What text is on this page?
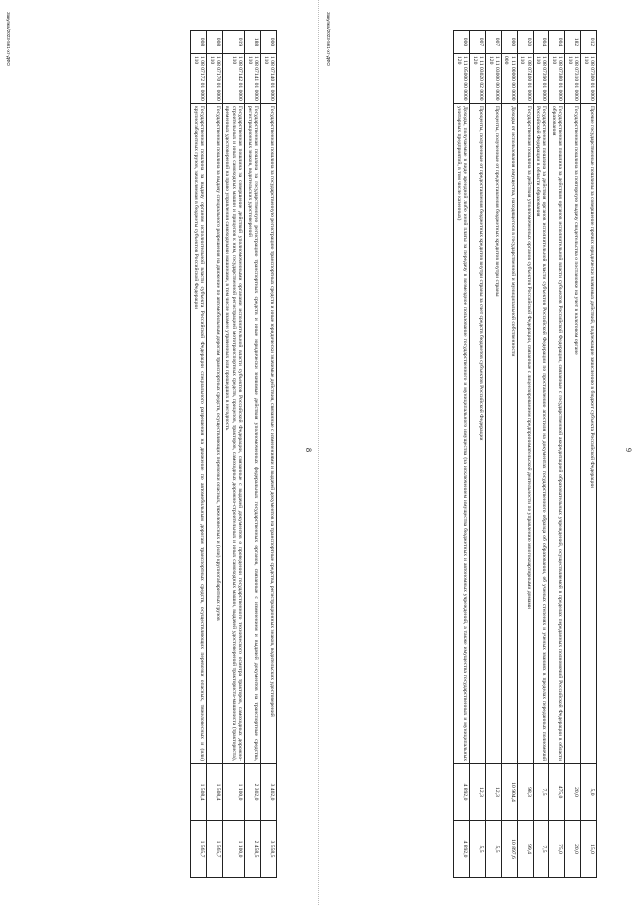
8
000	1 08 07140 01 0000 110	Государственная пошлина за государственную регистрацию транспортных средств и иные юридически значимые действия, связанные с изменениями и выдачей документов на транспортные средства, регистрационных знаков, водительских удостоверений	3 402,0	3 558,5
188	1 08 07141 01 0000 110	Государственная пошлина за государственную регистрацию транспортных средств и иные юридически значимые действия уполномоченных федеральных государственных органов, связанные с изменением и выдачей документов на транспортные средства, регистрационных знаков, водительских удостоверений	2 302,0	2 458,5
019	1 08 07142 01 0000 110	Государственная пошлина за совершение действий уполномоченными органами исполнительной власти субъектов Российской Федерации, связанные с выдачей документов о проведении государственного технического осмотра тракторов, самоходных дорожно-строительных и иных самоходных машин и прицепов к ним, государственной регистрацией мототранспортных средств, прицепов, тракторов, самоходных дорожно-строительных и иных самоходных машин, выдачей удостоверений тракториста-машиниста (тракториста), временных удостоверений на право управления самоходными машинами, в том числе взамен утраченных или пришедших в негодность	1 100,0	1 100,0
008	1 08 07170 01 0000 110	Государственная пошлина за выдачу специального разрешения на движение по автомобильным дорогам транспортных средств, осуществляющих перевозки опасных, тяжеловесных и (или) крупногабаритных грузов	1 508,4	1 565,7
008	1 08 07172 01 0000 110	Государственная пошлина за выдачу органом исполнительной власти субъекта Российской Федерации специального разрешения на движение по автомобильным дорогам транспортных средств, осуществляющих перевозки опасных, тяжеловесных и (или) крупногабаритных грузов, зачисляемая в бюджеты субъектов Российской Федерации	1 508,4	1 565,7
Закупка/2023-561-хт-ДФО
9
012	1 08 07300 01 0000 110	Прочие государственные пошлины за совершение прочих юридически значимых действий, подлежащие зачислению в бюджет субъекта Российской Федерации	5,0	15,0
182	1 08 07310 01 0000 110	Государственная пошлина за повторную выдачу свидетельства о постановке на учет в налоговом органе	20,0	20,0
004	1 08 07380 01 0000 110	Государственная пошлина за действия органов исполнительной власти субъектов Российской Федерации, связанные с государственной аккредитацией образовательных учреждений, осуществляемой в пределах переданных полномочий Российской Федерации в области образования	475,0	75,0
004	1 08 07390 01 0000 110	Государственная пошлина за действия органов исполнительной власти субъектов Российской Федерации по проставлению апостиля на документах государственного образца об образовании, об ученых степенях и ученых званиях в пределах переданных полномочий Российской Федерации в области образования	7,5	7,5
020	1 08 07400 01 0000 110	Государственная пошлина за действия уполномоченных органов субъектов Российской Федерации, связанные с лицензированием предпринимательской деятельности по управлению многоквартирными домами	98,3	99,4
000	1 11 00000 00 0000 000	Доходы от использования имущества, находящегося в государственной и муниципальной собственности	10 904,4	10 897,6
007	1 11 03000 00 0000 120	Проценты, полученные от предоставления бюджетных кредитов внутри страны	12,3	5,5
007	1 11 03020 02 0000 120	Проценты, полученные от предоставления бюджетных кредитов внутри страны за счет средств бюджетов субъектов Российской Федерации	12,3	5,5
000	1 11 05000 00 0000 120	Доходы, получаемые в виде арендной либо иной платы за передачу в возмездное пользование государственного и муниципального имущества (за исключением имущества бюджетных и автономных учреждений, а также имущества государственных и муниципальных унитарных предприятий, в том числе казенных)	4 892,0	4 892,0
Закупка/2023-561-хт-ДФО
